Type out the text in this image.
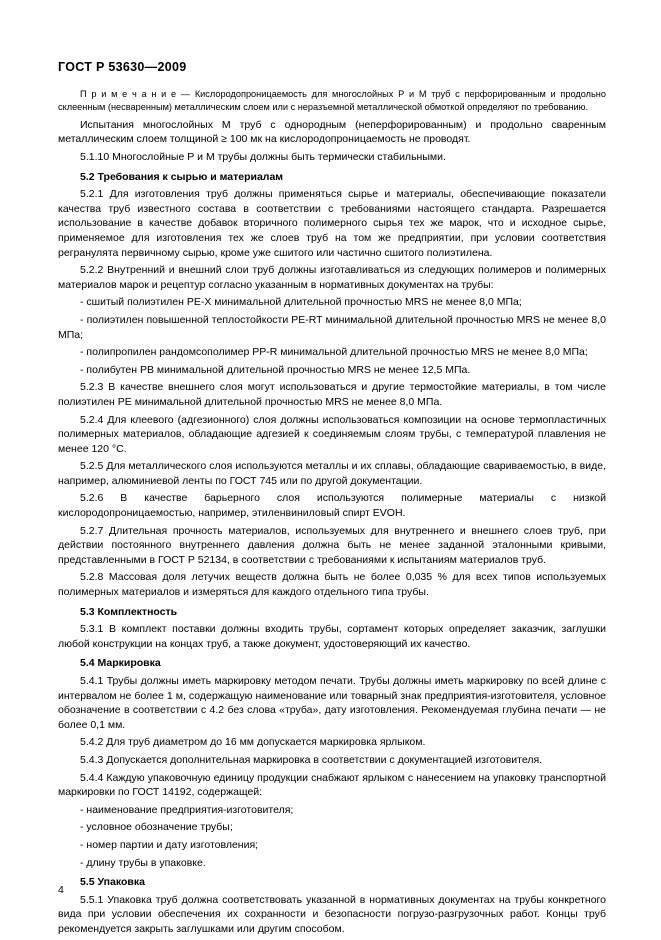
ГОСТ Р 53630—2009

П р и м е ч а н и е — Кислородопроницаемость для многослойных Р и М труб с перфорированным и продольно склеенным (несваренным) металлическим слоем или с неразъемной металлической обмоткой определяют по требованию.

Испытания многослойных М труб с однородным (неперфорированным) и продольно сваренным металлическим слоем толщиной ≥ 100 мк на кислородопроницаемость не проводят.

5.1.10 Многослойные Р и М трубы должны быть термически стабильными.

5.2 Требования к сырью и материалам

5.2.1 Для изготовления труб должны применяться сырье и материалы, обеспечивающие показатели качества труб известного состава в соответствии с требованиями настоящего стандарта. Разрешается использование в качестве добавок вторичного полимерного сырья тех же марок, что и исходное сырье, применяемое для изготовления тех же слоев труб на том же предприятии, при условии соответствия регранулята первичному сырью, кроме уже сшитого или частично сшитого полиэтилена.

5.2.2 Внутренний и внешний слои труб должны изготавливаться из следующих полимеров и полимерных материалов марок и рецептур согласно указанным в нормативных документах на трубы:

- сшитый полиэтилен РЕ-Х минимальной длительной прочностью MRS не менее 8,0 МПа;

- полиэтилен повышенной теплостойкости PE-RT минимальной длительной прочностью MRS не менее 8,0 МПа;

- полипропилен рандомсополимер PP-R минимальной длительной прочностью MRS не менее 8,0 МПа;

- полибутен РВ минимальной длительной прочностью MRS не менее 12,5 МПа.

5.2.3 В качестве внешнего слоя могут использоваться и другие термостойкие материалы, в том числе полиэтилен РЕ минимальной длительной прочностью MRS не менее 8,0 МПа.

5.2.4 Для клеевого (адгезионного) слоя должны использоваться композиции на основе термопластичных полимерных материалов, обладающие адгезией к соединяемым слоям трубы, с температурой плавления не менее 120 °С.

5.2.5 Для металлического слоя используются металлы и их сплавы, обладающие свариваемостью, в виде, например, алюминиевой ленты по ГОСТ 745 или по другой документации.

5.2.6 В качестве барьерного слоя используются полимерные материалы с низкой кислородопроницаемостью, например, этиленвиниловый спирт EVOH.

5.2.7 Длительная прочность материалов, используемых для внутреннего и внешнего слоев труб, при действии постоянного внутреннего давления должна быть не менее заданной эталонными кривыми, представленными в ГОСТ Р 52134, в соответствии с требованиями к испытаниям материалов труб.

5.2.8 Массовая доля летучих веществ должна быть не более 0,035 % для всех типов используемых полимерных материалов и измеряться для каждого отдельного типа трубы.

5.3 Комплектность

5.3.1 В комплект поставки должны входить трубы, сортамент которых определяет заказчик, заглушки любой конструкции на концах труб, а также документ, удостоверяющий их качество.

5.4 Маркировка

5.4.1 Трубы должны иметь маркировку методом печати. Трубы должны иметь маркировку по всей длине с интервалом не более 1 м, содержащую наименование или товарный знак предприятия-изготовителя, условное обозначение в соответствии с 4.2 без слова «труба», дату изготовления. Рекомендуемая глубина печати — не более 0,1 мм.

5.4.2 Для труб диаметром до 16 мм допускается маркировка ярлыком.

5.4.3 Допускается дополнительная маркировка в соответствии с документацией изготовителя.

5.4.4 Каждую упаковочную единицу продукции снабжают ярлыком с нанесением на упаковку транспортной маркировки по ГОСТ 14192, содержащей:

- наименование предприятия-изготовителя;

- условное обозначение трубы;

- номер партии и дату изготовления;

- длину трубы в упаковке.

5.5 Упаковка

5.5.1 Упаковка труб должна соответствовать указанной в нормативных документах на трубы конкретного вида при условии обеспечения их сохранности и безопасности погрузо-разгрузочных работ. Концы труб рекомендуется закрыть заглушками или другим способом.

4
